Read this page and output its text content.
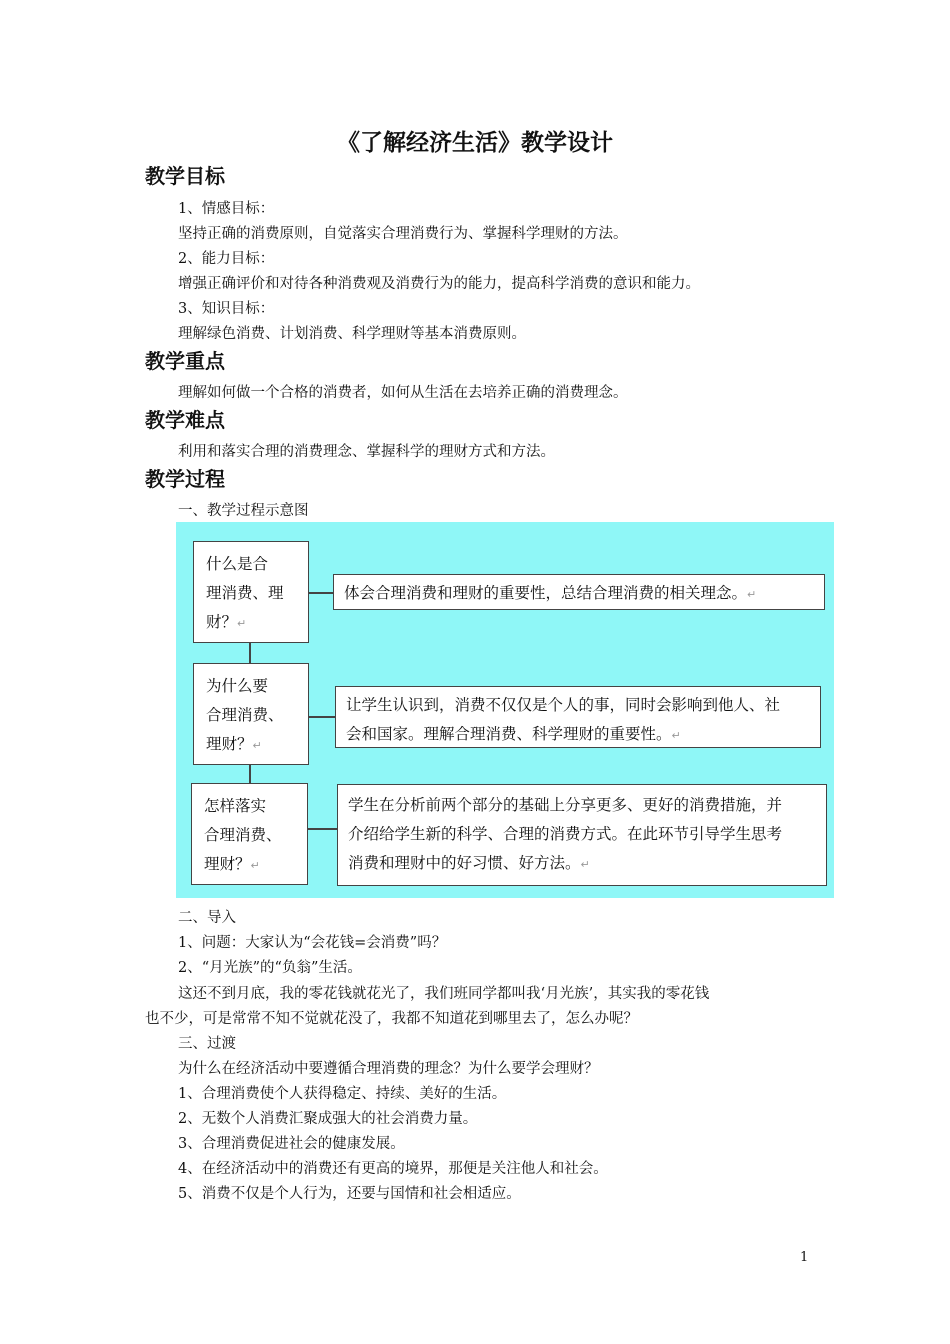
《了解经济生活》教学设计
教学目标
1、情感目标：
坚持正确的消费原则，自觉落实合理消费行为、掌握科学理财的方法。
2、能力目标：
增强正确评价和对待各种消费观及消费行为的能力，提高科学消费的意识和能力。
3、知识目标：
理解绿色消费、计划消费、科学理财等基本消费原则。
教学重点
理解如何做一个合格的消费者，如何从生活在去培养正确的消费理念。
教学难点
利用和落实合理的消费理念、掌握科学的理财方式和方法。
教学过程
一、教学过程示意图
什么是合
理消费、理
财？↵
体会合理消费和理财的重要性，总结合理消费的相关理念。↵
为什么要
合理消费、
理财？↵
让学生认识到，消费不仅仅是个人的事，同时会影响到他人、社
会和国家。理解合理消费、科学理财的重要性。↵
怎样落实
合理消费、
理财？↵
学生在分析前两个部分的基础上分享更多、更好的消费措施，并
介绍给学生新的科学、合理的消费方式。在此环节引导学生思考
消费和理财中的好习惯、好方法。↵
二、导入
1、问题：大家认为“会花钱=会消费”吗？
2、“月光族”的“负翁”生活。
这还不到月底，我的零花钱就花光了，我们班同学都叫我‘月光族’，其实我的零花钱
也不少，可是常常不知不觉就花没了，我都不知道花到哪里去了，怎么办呢？
三、过渡
为什么在经济活动中要遵循合理消费的理念？为什么要学会理财？
1、合理消费使个人获得稳定、持续、美好的生活。
2、无数个人消费汇聚成强大的社会消费力量。
3、合理消费促进社会的健康发展。
4、在经济活动中的消费还有更高的境界，那便是关注他人和社会。
5、消费不仅是个人行为，还要与国情和社会相适应。
1
